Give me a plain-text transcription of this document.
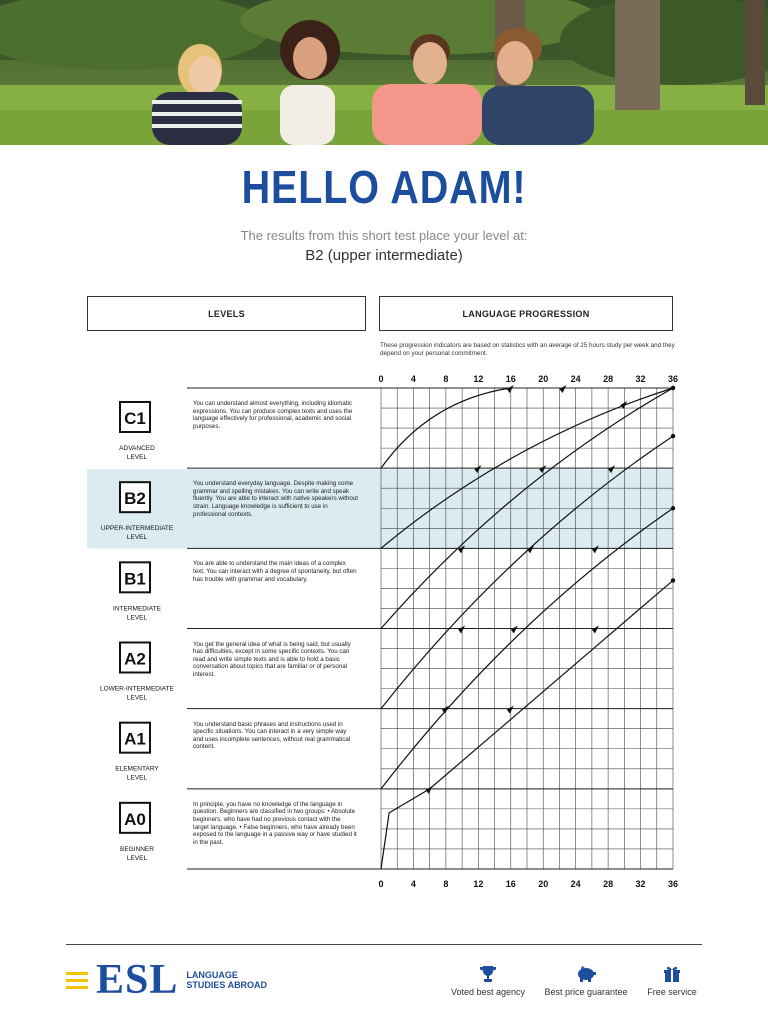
HELLO ADAM!
The results from this short test place your level at:
B2 (upper intermediate)
LEVELS	LANGUAGE PROGRESSION
These progression indicators are based on statistics with an average of 25 hours study per week and they depend on your personal commitment.
0
0
4
4
8
8
12
12
16
16
20
20
24
24
28
28
32
32
36
36
C1
ADVANCED
LEVEL
You can understand almost everything, including idiomatic expressions. You can produce complex texts and uses the language effectively for professional, academic and social purposes.
B2
UPPER-INTERMEDIATE
LEVEL
You understand everyday language. Despite making some grammar and spelling mistakes. You can write and speak fluently. You are able to interact with native speakers without strain. Language knowledge is sufficient to use in professional contexts.
B1
INTERMEDIATE
LEVEL
You are able to understand the main ideas of a complex text. You can interact with a degree of spontaneity, but often has trouble with grammar and vocabulary.
A2
LOWER-INTERMEDIATE
LEVEL
You get the general idea of what is being said, but usually has difficulties, except in some specific contexts. You can read and write simple texts and is able to hold a basic conversation about topics that are familiar or of personal interest.
A1
ELEMENTARY
LEVEL
You understand basic phrases and instructions used in specific situations. You can interact in a very simple way and uses incomplete sentences, without real grammatical content.
A0
BEGINNER
LEVEL
In principle, you have no knowledge of the language in question. Beginners are classified in two groups: • Absolute beginners, who have had no previous contact with the target language. • False beginners, who have already been exposed to the language in a passive way or have studied it in the past.
ESL LANGUAGE
STUDIES ABROAD
Voted best agency	Best price guarantee	Free service
